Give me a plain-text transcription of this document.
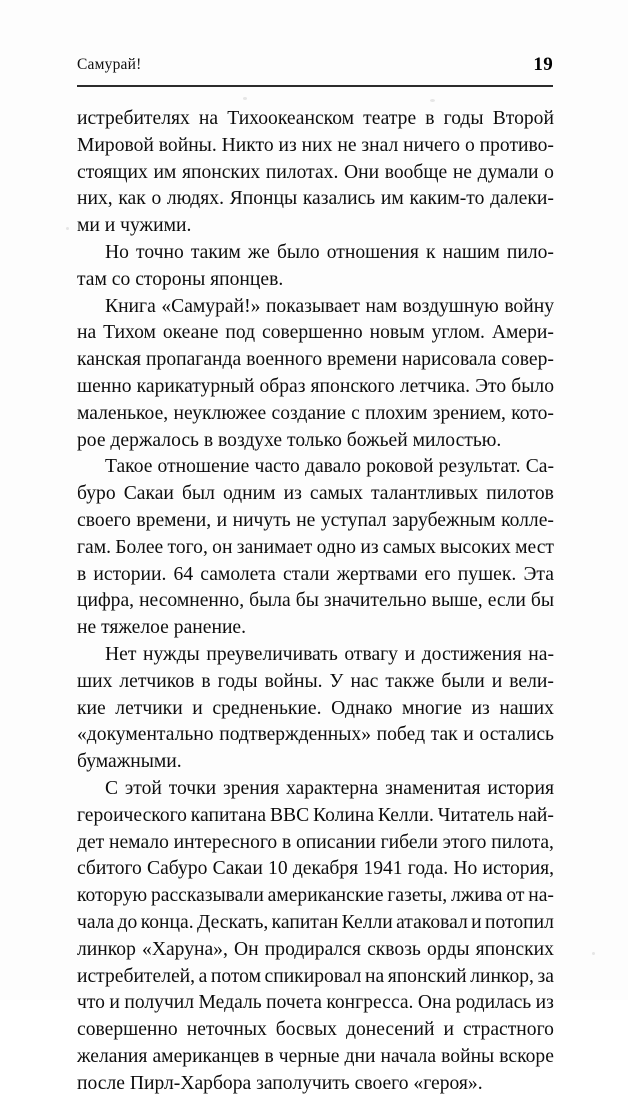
Самурай!	19
истребителях на Тихоокеанском театре в годы Второй
Мировой войны. Никто из них не знал ничего о противо-
стоящих им японских пилотах. Они вообще не думали о
них, как о людях. Японцы казались им каким-то далеки-
ми и чужими.
Но точно таким же было отношения к нашим пило-
там со стороны японцев.
Книга «Самурай!» показывает нам воздушную войну
на Тихом океане под совершенно новым углом. Амери-
канская пропаганда военного времени нарисовала совер-
шенно карикатурный образ японского летчика. Это было
маленькое, неуклюжее создание с плохим зрением, кото-
рое держалось в воздухе только божьей милостью.
Такое отношение часто давало роковой результат. Са-
буро Сакаи был одним из самых талантливых пилотов
своего времени, и ничуть не уступал зарубежным колле-
гам. Более того, он занимает одно из самых высоких мест
в истории. 64 самолета стали жертвами его пушек. Эта
цифра, несомненно, была бы значительно выше, если бы
не тяжелое ранение.
Нет нужды преувеличивать отвагу и достижения на-
ших летчиков в годы войны. У нас также были и вели-
кие летчики и средненькие. Однако многие из наших
«документально подтвержденных» побед так и остались
бумажными.
С этой точки зрения характерна знаменитая история
героического капитана ВВС Колина Келли. Читатель най-
дет немало интересного в описании гибели этого пилота,
сбитого Сабуро Сакаи 10 декабря 1941 года. Но история,
которую рассказывали американские газеты, лжива от на-
чала до конца. Дескать, капитан Келли атаковал и потопил
линкор «Харуна», Он продирался сквозь орды японских
истребителей, а потом спикировал на японский линкор, за
что и получил Медаль почета конгресса. Она родилась из
совершенно неточных босвых донесений и страстного
желания американцев в черные дни начала войны вскоре
после Пирл-Харбора заполучить своего «героя».
